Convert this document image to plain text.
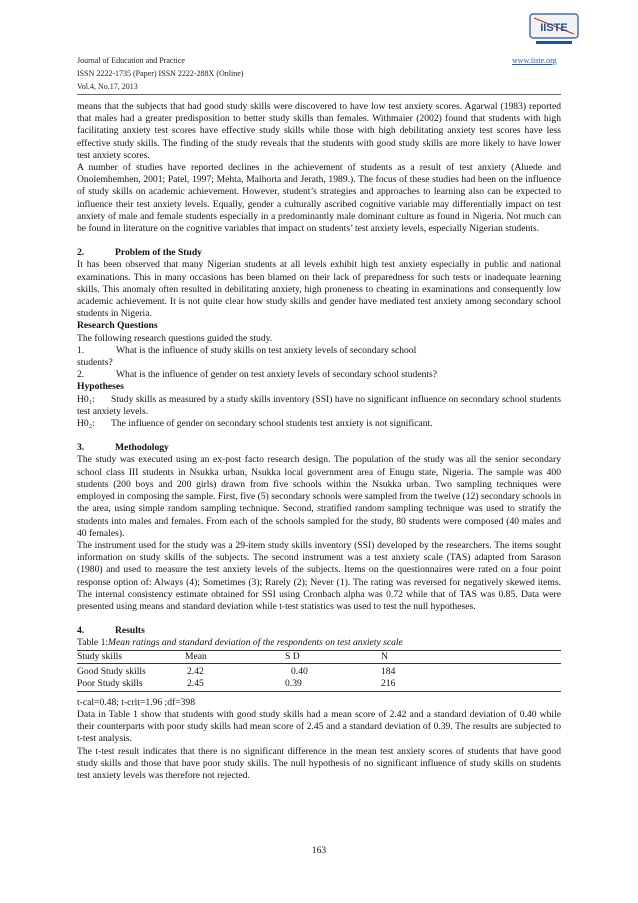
Journal of Education and Practice
ISSN 2222-1735 (Paper) ISSN 2222-288X (Online)
Vol.4, No.17, 2013
www.iiste.org
IISTE

means that the subjects that had good study skills were discovered to have low test anxiety scores. Agarwal (1983) reported that males had a greater predisposition to better study skills than females. Withmaier (2002) found that students with high facilitating anxiety test scores have effective study skills while those with high debilitating anxiety test scores have less effective study skills. The finding of the study reveals that the students with good study skills are more likely to have lower test anxiety scores.

A number of studies have reported declines in the achievement of students as a result of test anxiety (Aluede and Onolemhemhen, 2001; Patel, 1997; Mehta, Malhorta and Jerath, 1989.). The focus of these studies had been on the influence of study skills on academic achievement. However, student’s strategies and approaches to learning also can be expected to influence their test anxiety levels. Equally, gender a culturally ascribed cognitive variable may differentially impact on test anxiety of male and female students especially in a predominantly male dominant culture as found in Nigeria. Not much can be found in literature on the cognitive variables that impact on students’ test anxiety levels, especially Nigerian students.

2.	Problem of the Study

It has been observed that many Nigerian students at all levels exhibit high test anxiety especially in public and national examinations. This in many occasions has been blamed on their lack of preparedness for such tests or inadequate learning skills. This anomaly often resulted in debilitating anxiety, high proneness to cheating in examinations and consequently low academic achievement. It is not quite clear how study skills and gender have mediated test anxiety among secondary school students in Nigeria.

Research Questions

The following research questions guided the study.

1.	What is the influence of study skills on test anxiety levels of secondary school

students?

2.	What is the influence of gender on test anxiety levels of secondary school students?

Hypotheses

H0₁: Study skills as measured by a study skills inventory (SSI) have no significant influence on secondary school students test anxiety levels.

H0₂: The influence of gender on secondary school students test anxiety is not significant.

3.	Methodology

The study was executed using an ex-post facto research design. The population of the study was all the senior secondary school class III students in Nsukka urban, Nsukka local government area of Enugu state, Nigeria. The sample was 400 students (200 boys and 200 girls) drawn from five schools within the Nsukka urban. Two sampling techniques were employed in composing the sample. First, five (5) secondary schools were sampled from the twelve (12) secondary schools in the area, using simple random sampling technique. Second, stratified random sampling technique was used to stratify the students into males and females. From each of the schools sampled for the study, 80 students were composed (40 males and 40 females).

The instrument used for the study was a 29-item study skills inventory (SSI) developed by the researchers. The items sought information on study skills of the subjects. The second instrument was a test anxiety scale (TAS) adapted from Sarason (1980) and used to measure the test anxiety levels of the subjects. Items on the questionnaires were rated on a four point response option of: Always (4); Sometimes (3); Rarely (2); Never (1). The rating was reversed for negatively skewed items. The internal consistency estimate obtained for SSI using Cronbach alpha was 0.72 while that of TAS was 0.85. Data were presented using means and standard deviation while t-test statistics was used to test the null hypotheses.

4.	Results

Table 1:Mean ratings and standard deviation of the respondents on test anxiety scale

Study skills	Mean	S D	N
Good Study skills	2.42	0.40	184
Poor Study skills	2.45	0.39	216

t-cal=0.48; t-crit=1.96 ;df=398

Data in Table 1 show that students with good study skills had a mean score of 2.42 and a standard deviation of 0.40 while their counterparts with poor study skills had mean score of 2.45 and a standard deviation of 0.39. The results are subjected to t-test analysis.

The t-test result indicates that there is no significant difference in the mean test anxiety scores of students that have good study skills and those that have poor study skills. The null hypothesis of no significant influence of study skills on students test anxiety levels was therefore not rejected.

163
